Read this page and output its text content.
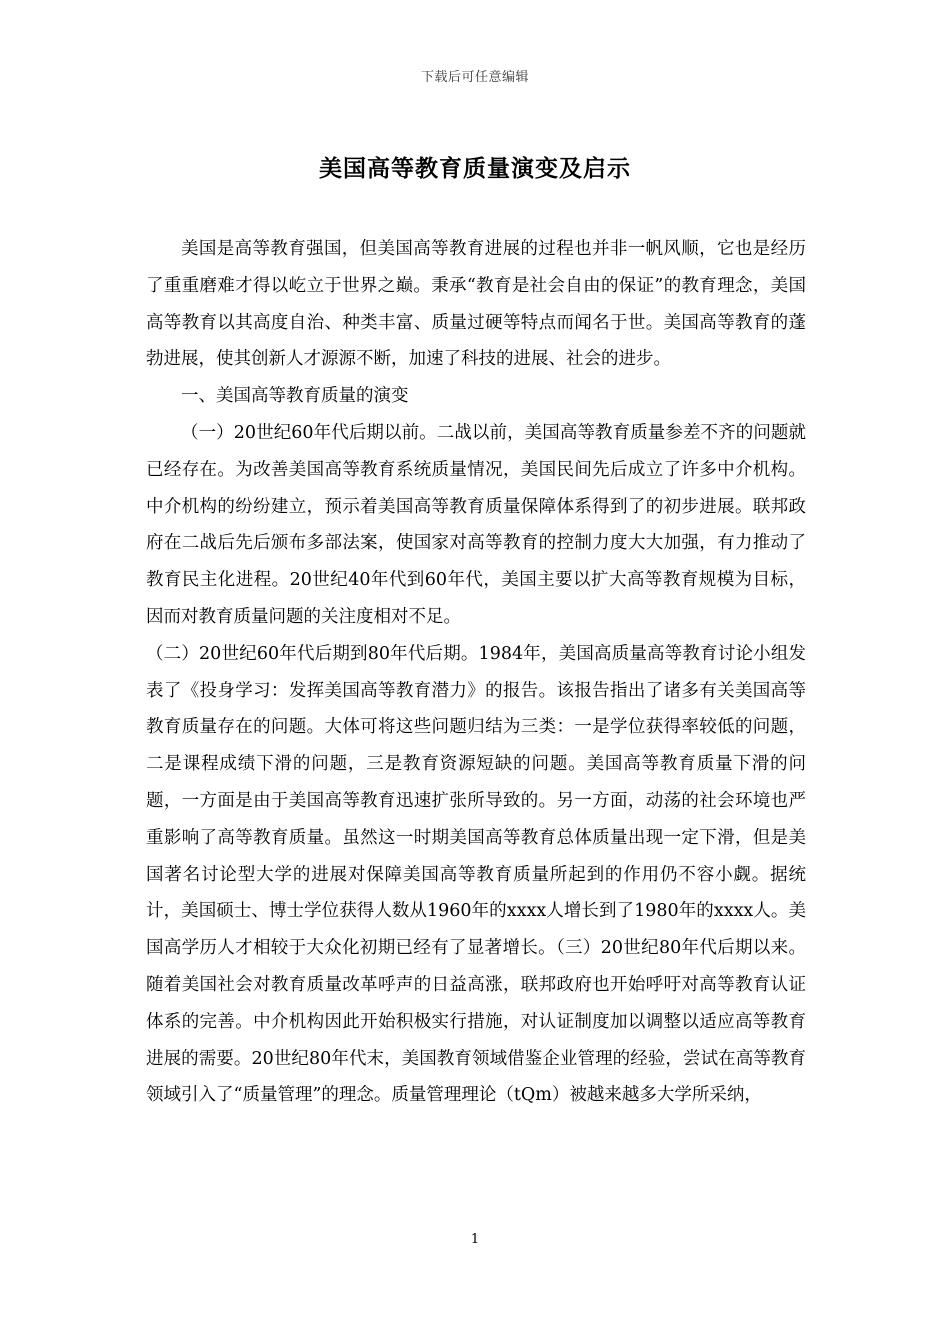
下载后可任意编辑
美国高等教育质量演变及启示

美国是高等教育强国，但美国高等教育进展的过程也并非一帆风顺，它也是经历了重重磨难才得以屹立于世界之巅。秉承“教育是社会自由的保证”的教育理念，美国高等教育以其高度自治、种类丰富、质量过硬等特点而闻名于世。美国高等教育的蓬勃进展，使其创新人才源源不断，加速了科技的进展、社会的进步。

一、美国高等教育质量的演变

（一）20世纪60年代后期以前。二战以前，美国高等教育质量参差不齐的问题就已经存在。为改善美国高等教育系统质量情况，美国民间先后成立了许多中介机构。中介机构的纷纷建立，预示着美国高等教育质量保障体系得到了的初步进展。联邦政府在二战后先后颁布多部法案，使国家对高等教育的控制力度大大加强，有力推动了教育民主化进程。20世纪40年代到60年代，美国主要以扩大高等教育规模为目标，因而对教育质量问题的关注度相对不足。

（二）20世纪60年代后期到80年代后期。1984年，美国高质量高等教育讨论小组发表了《投身学习：发挥美国高等教育潜力》的报告。该报告指出了诸多有关美国高等教育质量存在的问题。大体可将这些问题归结为三类：一是学位获得率较低的问题，二是课程成绩下滑的问题，三是教育资源短缺的问题。美国高等教育质量下滑的问题，一方面是由于美国高等教育迅速扩张所导致的。另一方面，动荡的社会环境也严重影响了高等教育质量。虽然这一时期美国高等教育总体质量出现一定下滑，但是美国著名讨论型大学的进展对保障美国高等教育质量所起到的作用仍不容小觑。据统计，美国硕士、博士学位获得人数从1960年的xxxx人增长到了1980年的xxxx人。美国高学历人才相较于大众化初期已经有了显著增长。（三）20世纪80年代后期以来。随着美国社会对教育质量改革呼声的日益高涨，联邦政府也开始呼吁对高等教育认证体系的完善。中介机构因此开始积极实行措施，对认证制度加以调整以适应高等教育进展的需要。20世纪80年代末，美国教育领域借鉴企业管理的经验，尝试在高等教育领域引入了“质量管理”的理念。质量管理理论（tQm）被越来越多大学所采纳，

1
